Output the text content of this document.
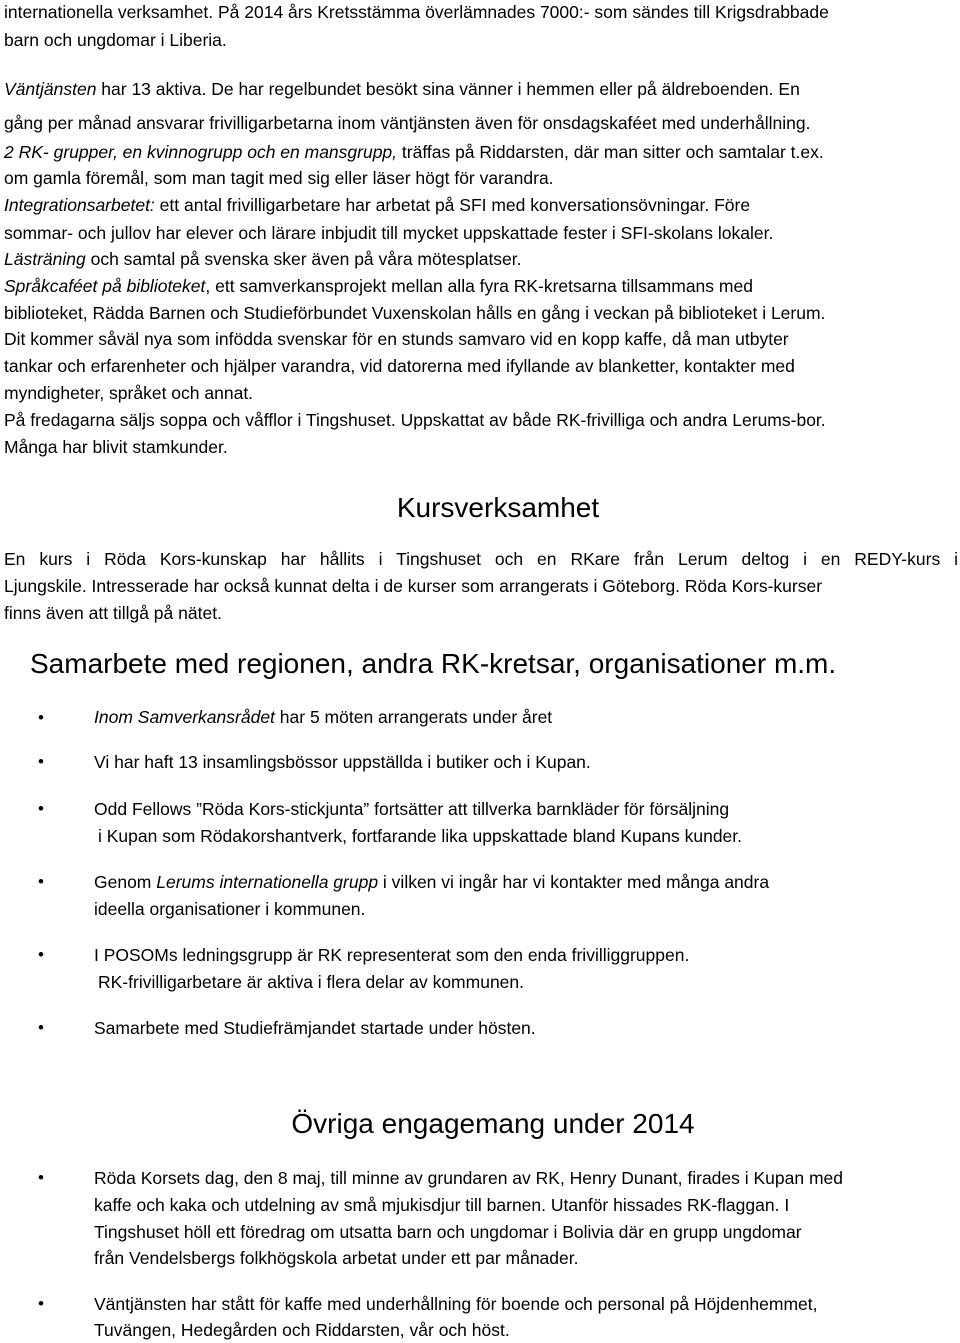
internationella verksamhet. På 2014 års Kretsstämma överlämnades 7000:- som sändes till Krigsdrabbade
barn och ungdomar i Liberia.
Väntjänsten har 13 aktiva. De har regelbundet besökt sina vänner i hemmen eller på äldreboenden. En
gång per månad ansvarar frivilligarbetarna inom väntjänsten även för onsdagskaféet med underhållning.
2 RK- grupper, en kvinnogrupp och en mansgrupp, träffas på Riddarsten, där man sitter och samtalar t.ex.
om gamla föremål, som man tagit med sig eller läser högt för varandra.
Integrationsarbetet: ett antal frivilligarbetare har arbetat på SFI med konversationsövningar. Före
sommar- och jullov har elever och lärare inbjudit till mycket uppskattade fester i SFI-skolans lokaler.
Lästräning och samtal på svenska sker även på våra mötesplatser.
Språkcaféet på biblioteket, ett samverkansprojekt mellan alla fyra RK-kretsarna tillsammans med
biblioteket, Rädda Barnen och Studieförbundet Vuxenskolan hålls en gång i veckan på biblioteket i Lerum.
Dit kommer såväl nya som infödda svenskar för en stunds samvaro vid en kopp kaffe, då man utbyter
tankar och erfarenheter och hjälper varandra, vid datorerna med ifyllande av blanketter, kontakter med
myndigheter, språket och annat.
På fredagarna säljs soppa och våfflor i Tingshuset. Uppskattat av både RK-frivilliga och andra Lerums-bor.
Många har blivit stamkunder.
Kursverksamhet
En kurs i Röda Kors-kunskap har hållits i Tingshuset och en RKare från Lerum deltog i en REDY-kurs i
Ljungskile. Intresserade har också kunnat delta i de kurser som arrangerats i Göteborg. Röda Kors-kurser
finns även att tillgå på nätet.
Samarbete med regionen, andra RK-kretsar, organisationer m.m.
•	Inom Samverkansrådet har 5 möten arrangerats under året
•	Vi har haft 13 insamlingsbössor uppställda i butiker och i Kupan.
•	Odd Fellows ”Röda Kors-stickjunta” fortsätter att tillverka barnkläder för försäljning
i Kupan som Rödakorshantverk, fortfarande lika uppskattade bland Kupans kunder.
•	Genom Lerums internationella grupp i vilken vi ingår har vi kontakter med många andra
ideella organisationer i kommunen.
•	I POSOMs ledningsgrupp är RK representerat som den enda frivilliggruppen.
RK-frivilligarbetare är aktiva i flera delar av kommunen.
•	Samarbete med Studiefrämjandet startade under hösten.
Övriga engagemang under 2014
•	Röda Korsets dag, den 8 maj, till minne av grundaren av RK, Henry Dunant, firades i Kupan med
kaffe och kaka och utdelning av små mjukisdjur till barnen. Utanför hissades RK-flaggan. I
Tingshuset höll ett föredrag om utsatta barn och ungdomar i Bolivia där en grupp ungdomar
från Vendelsbergs folkhögskola arbetat under ett par månader.
•	Väntjänsten har stått för kaffe med underhållning för boende och personal på Höjdenhemmet,
Tuvängen, Hedegården och Riddarsten, vår och höst.
